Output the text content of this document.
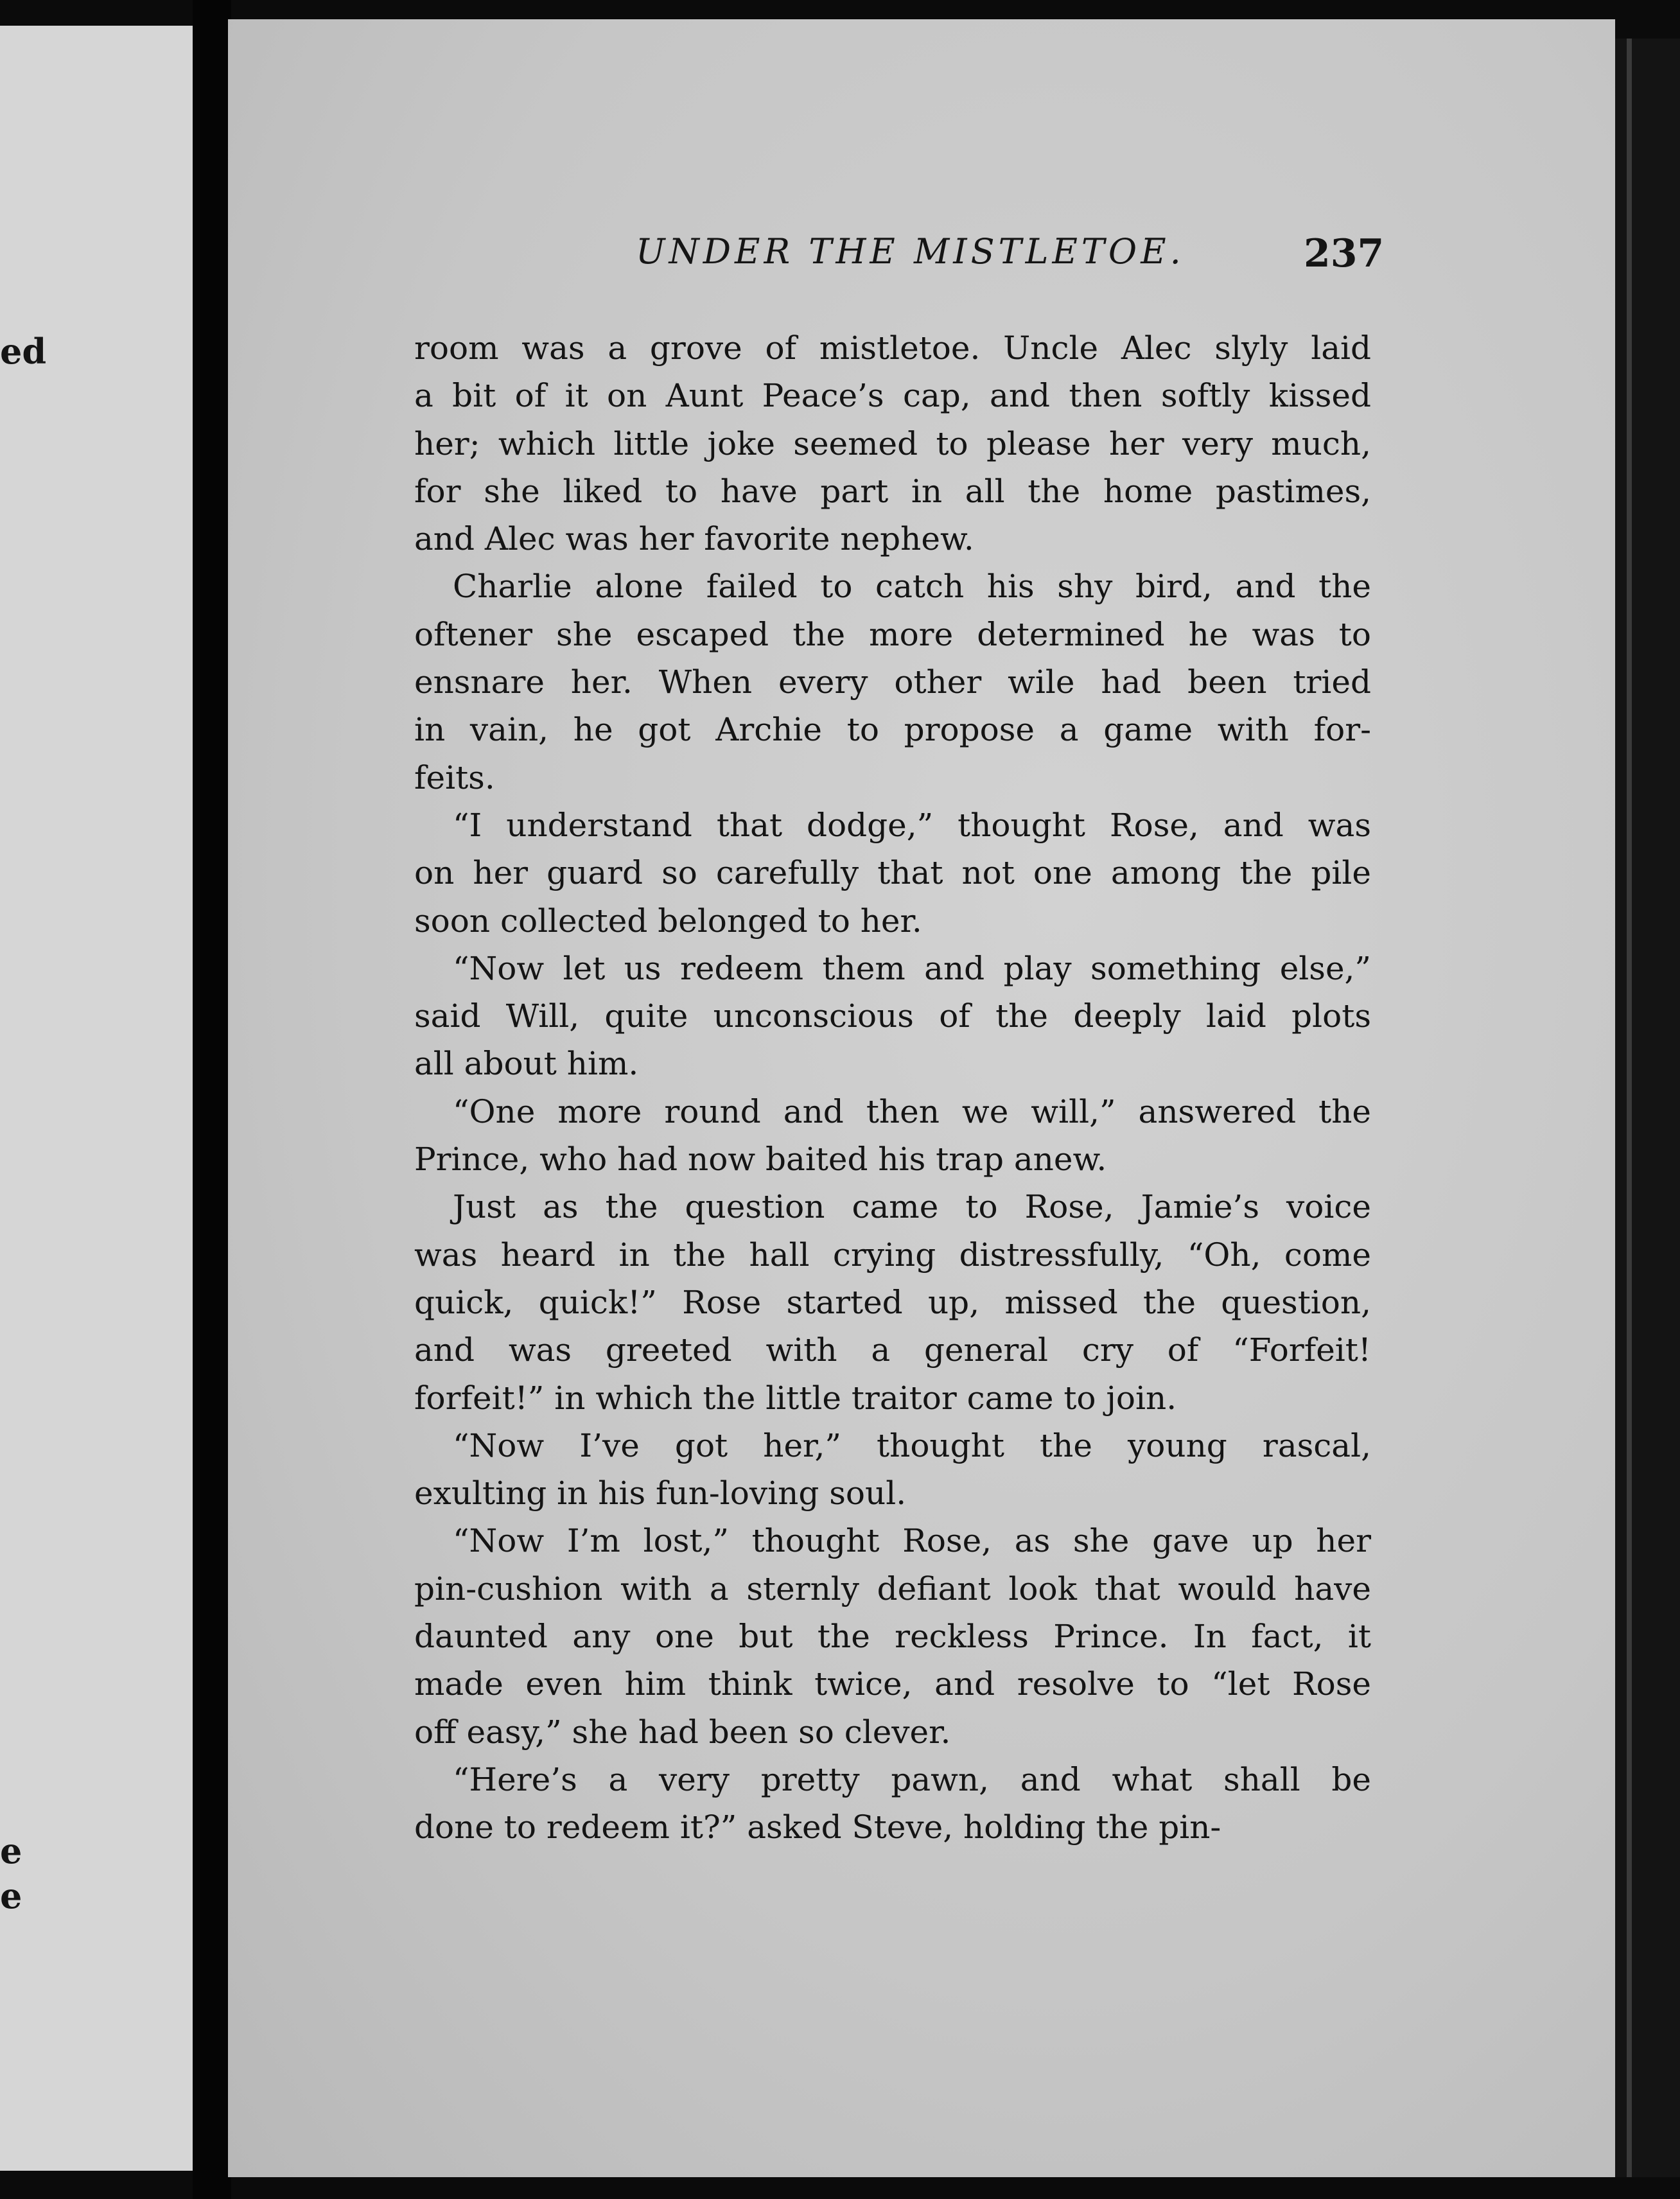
ed
e
e
UNDER THE MISTLETOE.	237

room was a grove of mistletoe. Uncle Alec slyly laid
a bit of it on Aunt Peace’s cap, and then softly kissed
her; which little joke seemed to please her very much,
for she liked to have part in all the home pastimes,
and Alec was her favorite nephew.

Charlie alone failed to catch his shy bird, and the
oftener she escaped the more determined he was to
ensnare her. When every other wile had been tried
in vain, he got Archie to propose a game with for-
feits.

“I understand that dodge,” thought Rose, and was
on her guard so carefully that not one among the pile
soon collected belonged to her.

“Now let us redeem them and play something else,”
said Will, quite unconscious of the deeply laid plots
all about him.

“One more round and then we will,” answered the
Prince, who had now baited his trap anew.

Just as the question came to Rose, Jamie’s voice
was heard in the hall crying distressfully, “Oh, come
quick, quick!” Rose started up, missed the question,
and was greeted with a general cry of “Forfeit!
forfeit!” in which the little traitor came to join.

“Now I’ve got her,” thought the young rascal,
exulting in his fun-loving soul.

“Now I’m lost,” thought Rose, as she gave up her
pin-cushion with a sternly defiant look that would have
daunted any one but the reckless Prince. In fact, it
made even him think twice, and resolve to “let Rose
off easy,” she had been so clever.

“Here’s a very pretty pawn, and what shall be
done to redeem it?” asked Steve, holding the pin-
